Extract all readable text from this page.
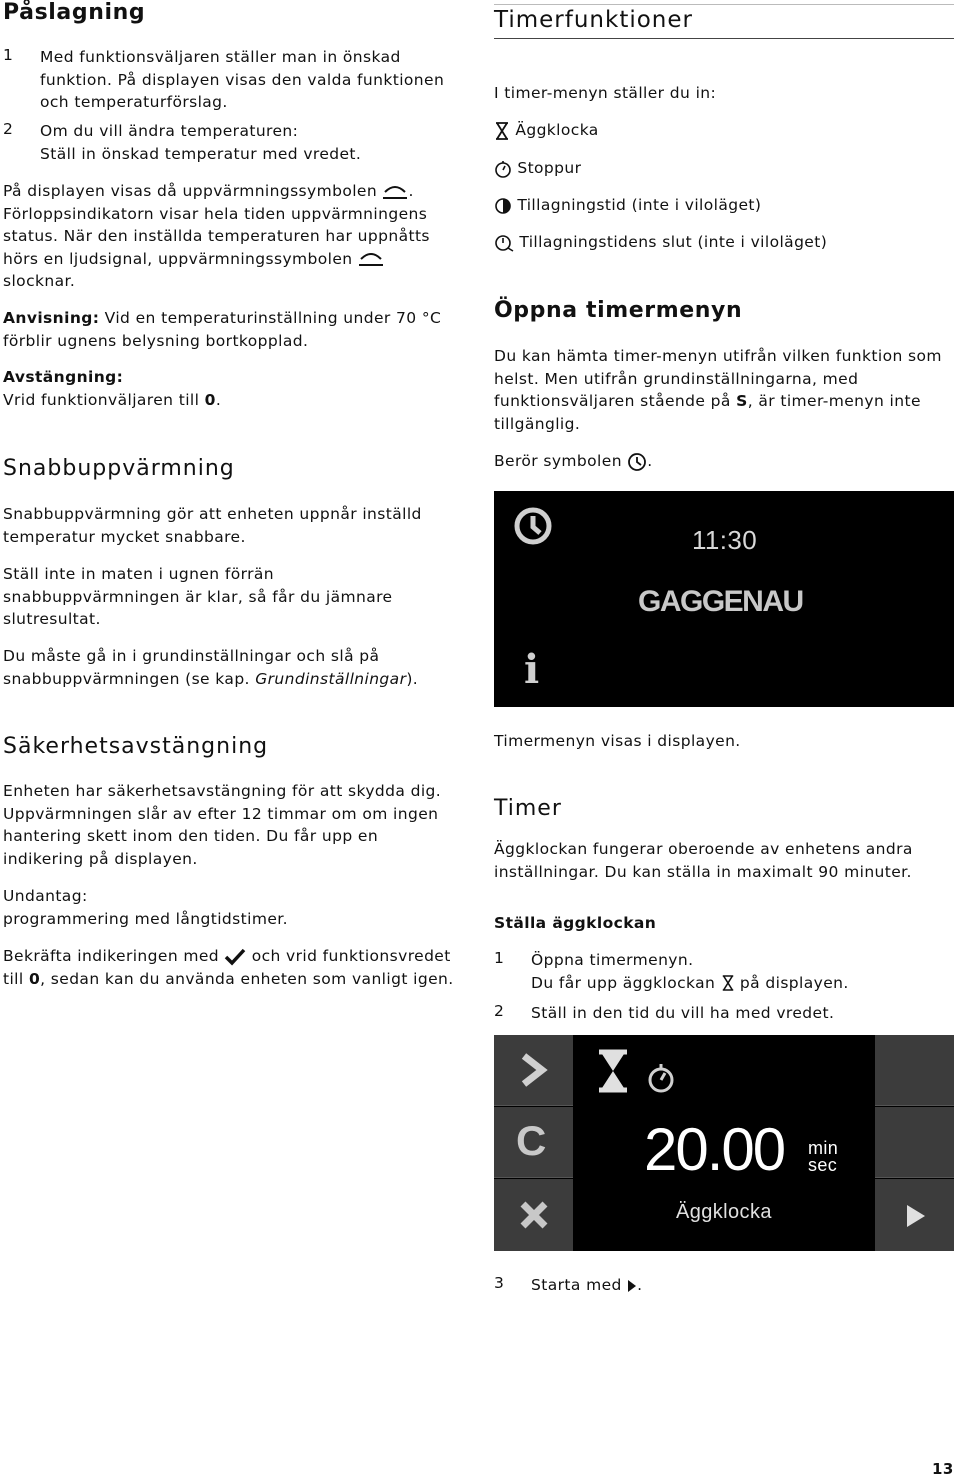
Påslagning
1 Med funktionsväljaren ställer man in önskad
funktion. På displayen visas den valda funktionen
och temperaturförslag.
2 Om du vill ändra temperaturen:
Ställ in önskad temperatur med vredet.
På displayen visas då uppvärmningssymbolen .
Förloppsindikatorn visar hela tiden uppvärmningens
status. När den inställda temperaturen har uppnåtts
hörs en ljudsignal, uppvärmningssymbolen
slocknar.
Anvisning: Vid en temperaturinställning under 70 °C
förblir ugnens belysning bortkopplad.
Avstängning:
Vrid funktionväljaren till 0.
Snabbuppvärmning
Snabbuppvärmning gör att enheten uppnår inställd
temperatur mycket snabbare.
Ställ inte in maten i ugnen förrän
snabbuppvärmningen är klar, så får du jämnare
slutresultat.
Du måste gå in i grundinställningar och slå på
snabbuppvärmningen (se kap. Grundinställningar).
Säkerhetsavstängning
Enheten har säkerhetsavstängning för att skydda dig.
Uppvärmningen slår av efter 12 timmar om om ingen
hantering skett inom den tiden. Du får upp en
indikering på displayen.
Undantag:
programmering med långtidstimer.
Bekräfta indikeringen med  och vrid funktionsvredet
till 0, sedan kan du använda enheten som vanligt igen.
Timerfunktioner
I timer-menyn ställer du in:
Äggklocka
Stoppur
Tillagningstid (inte i viloläget)
Tillagningstidens slut (inte i viloläget)
Öppna timermenyn
Du kan hämta timer-menyn utifrån vilken funktion som
helst. Men utifrån grundinställningarna, med
funktionsväljaren stående på S, är timer-menyn inte
tillgänglig.
Berör symbolen .
11:30
GAGGENAU
i
Timermenyn visas i displayen.
Timer
Äggklockan fungerar oberoende av enhetens andra
inställningar. Du kan ställa in maximalt 90 minuter.
Ställa äggklockan
1 Öppna timermenyn.
Du får upp äggklockan  på displayen.
2 Ställ in den tid du vill ha med vredet.
C 20.00 min
sec
Äggklocka
3 Starta med .
13
